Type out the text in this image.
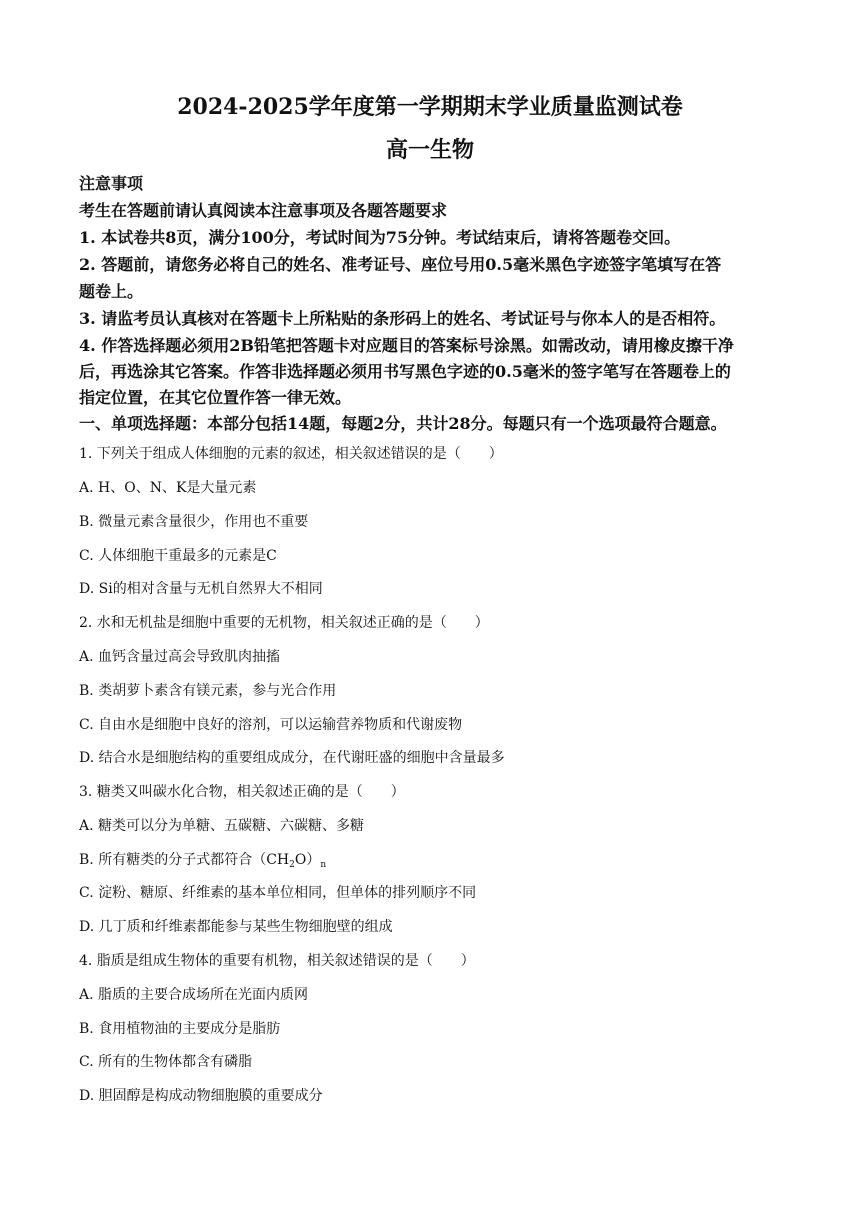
2024-2025学年度第一学期期末学业质量监测试卷
高一生物
注意事项
考生在答题前请认真阅读本注意事项及各题答题要求
1. 本试卷共8页，满分100分，考试时间为75分钟。考试结束后，请将答题卷交回。
2. 答题前，请您务必将自己的姓名、准考证号、座位号用0.5毫米黑色字迹签字笔填写在答
题卷上。
3. 请监考员认真核对在答题卡上所粘贴的条形码上的姓名、考试证号与你本人的是否相符。
4. 作答选择题必须用2B铅笔把答题卡对应题目的答案标号涂黑。如需改动，请用橡皮擦干净
后，再选涂其它答案。作答非选择题必须用书写黑色字迹的0.5毫米的签字笔写在答题卷上的
指定位置，在其它位置作答一律无效。
一、单项选择题：本部分包括14题，每题2分，共计28分。每题只有一个选项最符合题意。
1. 下列关于组成人体细胞的元素的叙述，相关叙述错误的是（　　）
A. H、O、N、K是大量元素
B. 微量元素含量很少，作用也不重要
C. 人体细胞干重最多的元素是C
D. Si的相对含量与无机自然界大不相同
2. 水和无机盐是细胞中重要的无机物，相关叙述正确的是（　　）
A. 血钙含量过高会导致肌肉抽搐
B. 类胡萝卜素含有镁元素，参与光合作用
C. 自由水是细胞中良好的溶剂，可以运输营养物质和代谢废物
D. 结合水是细胞结构的重要组成成分，在代谢旺盛的细胞中含量最多
3. 糖类又叫碳水化合物，相关叙述正确的是（　　）
A. 糖类可以分为单糖、五碳糖、六碳糖、多糖
B. 所有糖类的分子式都符合$(CH_2O)_n$
C. 淀粉、糖原、纤维素的基本单位相同，但单体的排列顺序不同
D. 几丁质和纤维素都能参与某些生物细胞壁的组成
4. 脂质是组成生物体的重要有机物，相关叙述错误的是（　　）
A. 脂质的主要合成场所在光面内质网
B. 食用植物油的主要成分是脂肪
C. 所有的生物体都含有磷脂
D. 胆固醇是构成动物细胞膜的重要成分
